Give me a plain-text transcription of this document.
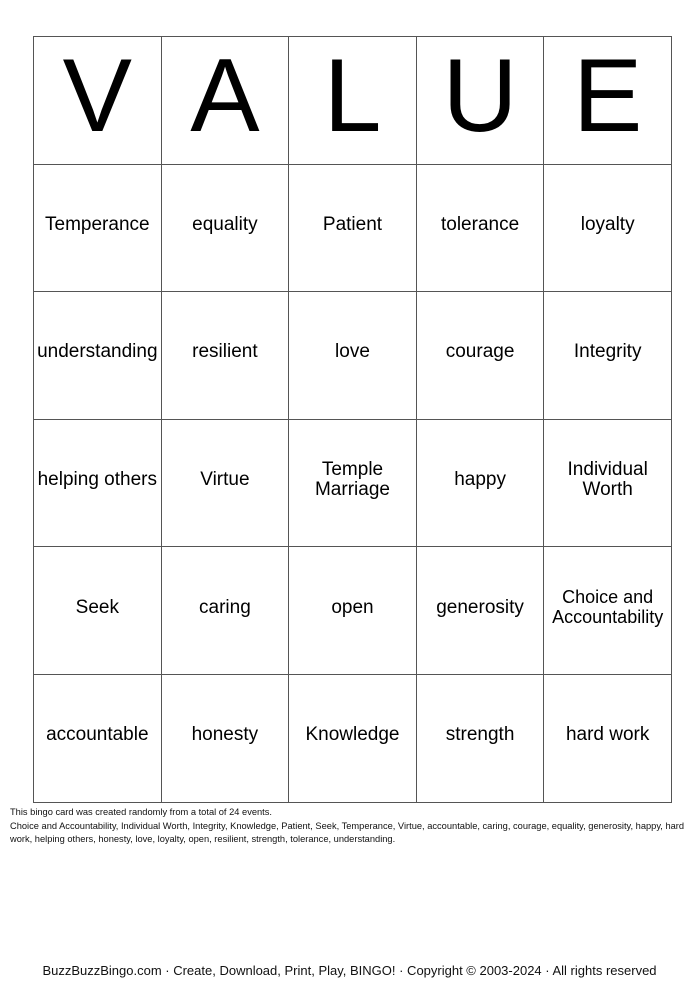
V	A	L	U	E
Temperance	equality	Patient	tolerance	loyalty
understanding	resilient	love	courage	Integrity
helping others	Virtue	Temple Marriage	happy	Individual Worth
Seek	caring	open	generosity	Choice and Accountability
accountable	honesty	Knowledge	strength	hard work
This bingo card was created randomly from a total of 24 events.
Choice and Accountability, Individual Worth, Integrity, Knowledge, Patient, Seek, Temperance, Virtue, accountable, caring, courage, equality, generosity, happy, hard work, helping others, honesty, love, loyalty, open, resilient, strength, tolerance, understanding.
BuzzBuzzBingo.com · Create, Download, Print, Play, BINGO! · Copyright © 2003-2024 · All rights reserved
